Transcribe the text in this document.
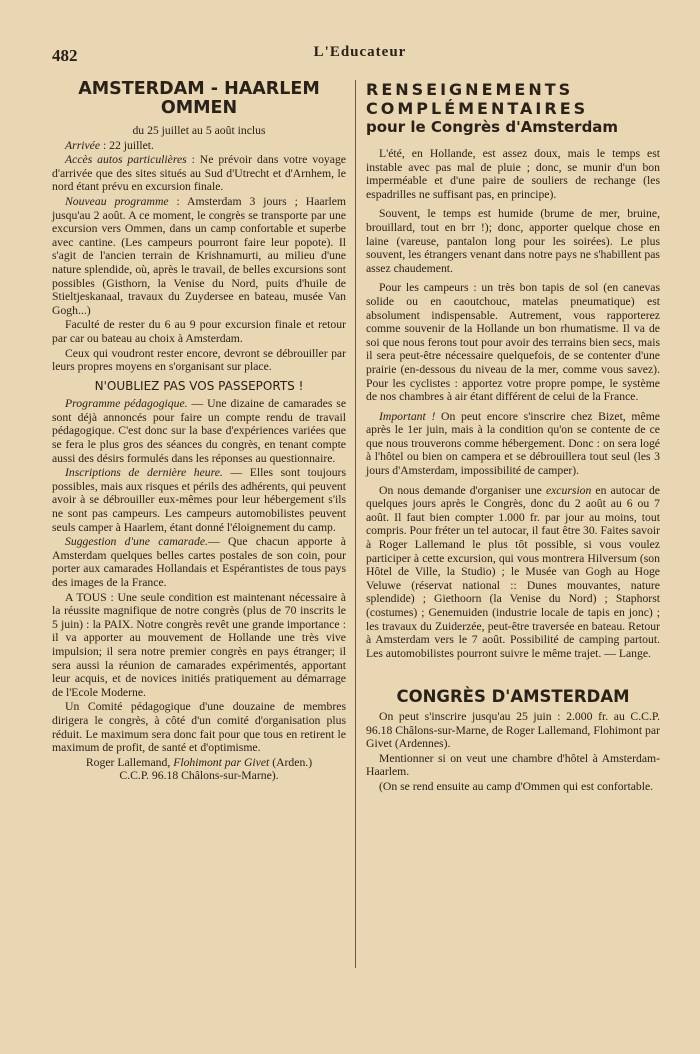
482	L'Educateur
AMSTERDAM - HAARLEM
OMMEN

du 25 juillet au 5 août inclus

Arrivée : 22 juillet.

Accès autos particulières : Ne prévoir dans votre voyage d'arrivée que des sites situés au Sud d'Utrecht et d'Arnhem, le nord étant prévu en excursion finale.

Nouveau programme : Amsterdam 3 jours ; Haarlem jusqu'au 2 août. A ce moment, le congrès se transporte par une excursion vers Ommen, dans un camp confortable et superbe avec cantine. (Les campeurs pourront faire leur popote). Il s'agit de l'ancien terrain de Krishnamurti, au milieu d'une nature splendide, où, après le travail, de belles excursions sont possibles (Gisthorn, la Venise du Nord, puits d'huile de Stieltjeskanaal, travaux du Zuydersee en bateau, musée Van Gogh...)

Faculté de rester du 6 au 9 pour excursion finale et retour par car ou bateau au choix à Amsterdam.

Ceux qui voudront rester encore, devront se débrouiller par leurs propres moyens en s'organisant sur place.

N'OUBLIEZ PAS VOS PASSEPORTS !

Programme pédagogique. — Une dizaine de camarades se sont déjà annoncés pour faire un compte rendu de travail pédagogique. C'est donc sur la base d'expériences variées que se fera le plus gros des séances du congrès, en tenant compte aussi des désirs formulés dans les réponses au questionnaire.

Inscriptions de dernière heure. — Elles sont toujours possibles, mais aux risques et périls des adhérents, qui peuvent avoir à se débrouiller eux-mêmes pour leur hébergement s'ils ne sont pas campeurs. Les campeurs automobilistes peuvent seuls camper à Haarlem, étant donné l'éloignement du camp.

Suggestion d'une camarade.— Que chacun apporte à Amsterdam quelques belles cartes postales de son coin, pour porter aux camarades Hollandais et Espérantistes de tous pays des images de la France.

A TOUS : Une seule condition est maintenant nécessaire à la réussite magnifique de notre congrès (plus de 70 inscrits le 5 juin) : la PAIX. Notre congrès revêt une grande importance : il va apporter au mouvement de Hollande une très vive impulsion; il sera notre premier congrès en pays étranger; il sera aussi la réunion de camarades expérimentés, apportant leur acquis, et de novices initiés pratiquement au démarrage de l'Ecole Moderne.

Un Comité pédagogique d'une douzaine de membres dirigera le congrès, à côté d'un comité d'organisation plus réduit. Le maximum sera donc fait pour que tous en retirent le maximum de profit, de santé et d'optimisme.

Roger Lallemand, Flohimont par Givet (Arden.)
C.C.P. 96.18 Châlons-sur-Marne).

RENSEIGNEMENTS
COMPLÉMENTAIRES
pour le Congrès d'Amsterdam

L'été, en Hollande, est assez doux, mais le temps est instable avec pas mal de pluie ; donc, se munir d'un bon imperméable et d'une paire de souliers de rechange (les espadrilles ne suffisant pas, en principe).

Souvent, le temps est humide (brume de mer, bruine, brouillard, tout en brr !); donc, apporter quelque chose en laine (vareuse, pantalon long pour les soirées). Le plus souvent, les étrangers venant dans notre pays ne s'habillent pas assez chaudement.

Pour les campeurs : un très bon tapis de sol (en canevas solide ou en caoutchouc, matelas pneumatique) est absolument indispensable. Autrement, vous rapporterez comme souvenir de la Hollande un bon rhumatisme. Il va de soi que nous ferons tout pour avoir des terrains bien secs, mais il sera peut-être nécessaire quelquefois, de se contenter d'une prairie (en-dessous du niveau de la mer, comme vous savez). Pour les cyclistes : apportez votre propre pompe, le système de nos chambres à air étant différent de celui de la France.

Important ! On peut encore s'inscrire chez Bizet, même après le 1er juin, mais à la condition qu'on se contente de ce que nous trouverons comme hébergement. Donc : on sera logé à l'hôtel ou bien on campera et se débrouillera tout seul (les 3 jours d'Amsterdam, impossibilité de camper).

On nous demande d'organiser une excursion en autocar de quelques jours après le Congrès, donc du 2 août au 6 ou 7 août. Il faut bien compter 1.000 fr. par jour au moins, tout compris. Pour fréter un tel autocar, il faut être 30. Faites savoir à Roger Lallemand le plus tôt possible, si vous voulez participer à cette excursion, qui vous montrera Hilversum (son Hôtel de Ville, la Studio) ; le Musée van Gogh au Hoge Veluwe (réservat national :: Dunes mouvantes, nature splendide) ; Giethoorn (la Venise du Nord) ; Staphorst (costumes) ; Genemuiden (industrie locale de tapis en jonc) ; les travaux du Zuiderzée, peut-être traversée en bateau. Retour à Amsterdam vers le 7 août. Possibilité de camping partout. Les automobilistes pourront suivre le même trajet. — Lange.

CONGRÈS D'AMSTERDAM

On peut s'inscrire jusqu'au 25 juin : 2.000 fr. au C.C.P. 96.18 Châlons-sur-Marne, de Roger Lallemand, Flohimont par Givet (Ardennes).

Mentionner si on veut une chambre d'hôtel à Amsterdam-Haarlem.

(On se rend ensuite au camp d'Ommen qui est confortable.
